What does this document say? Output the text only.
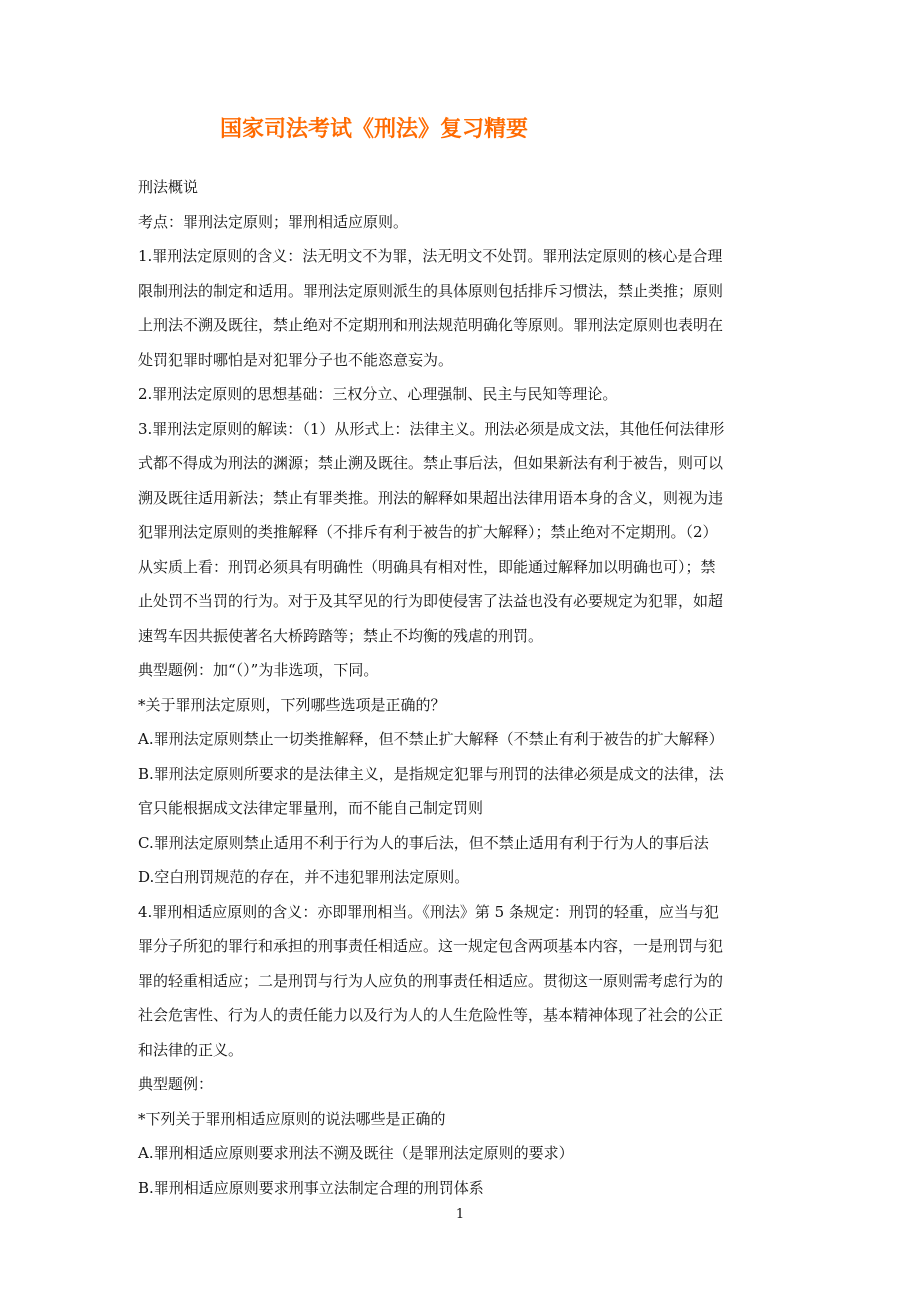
国家司法考试《刑法》复习精要

刑法概说

考点：罪刑法定原则；罪刑相适应原则。

1.罪刑法定原则的含义：法无明文不为罪，法无明文不处罚。罪刑法定原则的核心是合理

限制刑法的制定和适用。罪刑法定原则派生的具体原则包括排斥习惯法，禁止类推；原则

上刑法不溯及既往，禁止绝对不定期刑和刑法规范明确化等原则。罪刑法定原则也表明在

处罚犯罪时哪怕是对犯罪分子也不能恣意妄为。

2.罪刑法定原则的思想基础：三权分立、心理强制、民主与民知等理论。

3.罪刑法定原则的解读：（1）从形式上：法律主义。刑法必须是成文法，其他任何法律形

式都不得成为刑法的渊源；禁止溯及既往。禁止事后法，但如果新法有利于被告，则可以

溯及既往适用新法；禁止有罪类推。刑法的解释如果超出法律用语本身的含义，则视为违

犯罪刑法定原则的类推解释（不排斥有利于被告的扩大解释）；禁止绝对不定期刑。（2）

从实质上看：刑罚必须具有明确性（明确具有相对性，即能通过解释加以明确也可）；禁

止处罚不当罚的行为。对于及其罕见的行为即使侵害了法益也没有必要规定为犯罪，如超

速驾车因共振使著名大桥跨踏等；禁止不均衡的残虐的刑罚。

典型题例：加“（）”为非选项，下同。

*关于罪刑法定原则，下列哪些选项是正确的？

A.罪刑法定原则禁止一切类推解释，但不禁止扩大解释（不禁止有利于被告的扩大解释）

B.罪刑法定原则所要求的是法律主义，是指规定犯罪与刑罚的法律必须是成文的法律，法

官只能根据成文法律定罪量刑，而不能自己制定罚则

C.罪刑法定原则禁止适用不利于行为人的事后法，但不禁止适用有利于行为人的事后法

D.空白刑罚规范的存在，并不违犯罪刑法定原则。

4.罪刑相适应原则的含义：亦即罪刑相当。《刑法》第 5 条规定：刑罚的轻重，应当与犯

罪分子所犯的罪行和承担的刑事责任相适应。这一规定包含两项基本内容，一是刑罚与犯

罪的轻重相适应；二是刑罚与行为人应负的刑事责任相适应。贯彻这一原则需考虑行为的

社会危害性、行为人的责任能力以及行为人的人生危险性等，基本精神体现了社会的公正

和法律的正义。

典型题例：

*下列关于罪刑相适应原则的说法哪些是正确的

A.罪刑相适应原则要求刑法不溯及既往（是罪刑法定原则的要求）

B.罪刑相适应原则要求刑事立法制定合理的刑罚体系

1
